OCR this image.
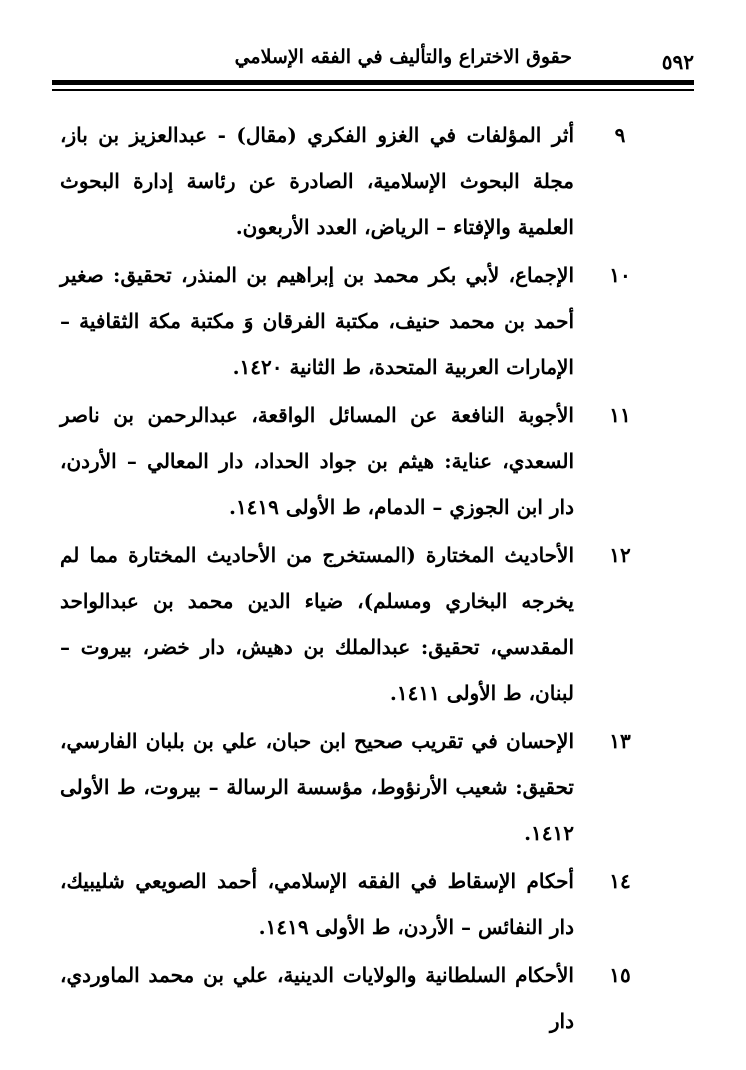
حقوق الاختراع والتأليف في الفقه الإسلامي	٥٩٢
٩
أثر المؤلفات في الغزو الفكري (مقال) - عبدالعزيز بن باز، مجلة البحوث الإسلامية، الصادرة عن رئاسة إدارة البحوث العلمية والإفتاء – الرياض، العدد الأربعون.
١٠
الإجماع، لأبي بكر محمد بن إبراهيم بن المنذر، تحقيق: صغير أحمد بن محمد حنيف، مكتبة الفرقان وَ مكتبة مكة الثقافية – الإمارات العربية المتحدة، ط الثانية ١٤٢٠.
١١
الأجوبة النافعة عن المسائل الواقعة، عبدالرحمن بن ناصر السعدي، عناية: هيثم بن جواد الحداد، دار المعالي – الأردن، دار ابن الجوزي – الدمام، ط الأولى ١٤١٩.
١٢
الأحاديث المختارة (المستخرج من الأحاديث المختارة مما لم يخرجه البخاري ومسلم)، ضياء الدين محمد بن عبدالواحد المقدسي، تحقيق: عبدالملك بن دهيش، دار خضر، بيروت – لبنان، ط الأولى ١٤١١.
١٣
الإحسان في تقريب صحيح ابن حبان، علي بن بلبان الفارسي، تحقيق: شعيب الأرنؤوط، مؤسسة الرسالة – بيروت، ط الأولى ١٤١٢.
١٤
أحكام الإسقاط في الفقه الإسلامي، أحمد الصويعي شليبيك، دار النفائس – الأردن، ط الأولى ١٤١٩.
١٥
الأحكام السلطانية والولايات الدينية، علي بن محمد الماوردي، دار
